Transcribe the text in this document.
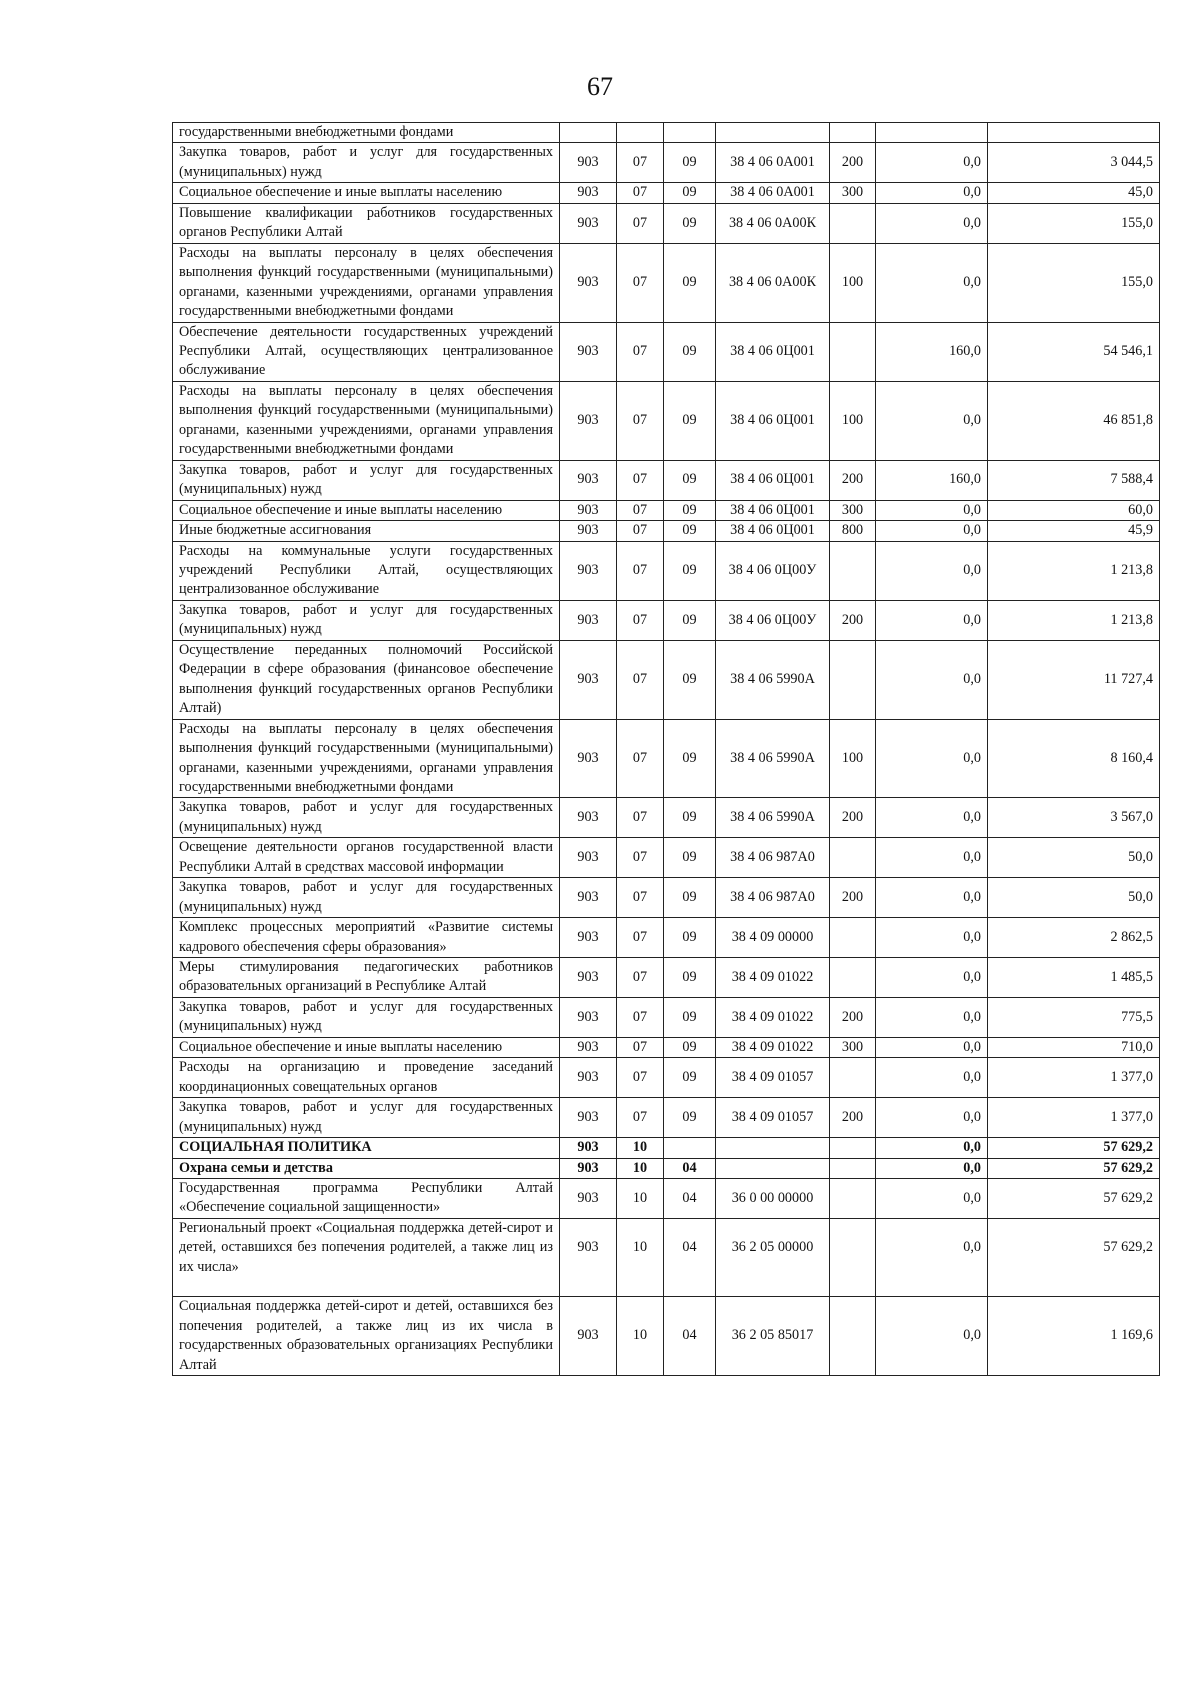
67
государственными внебюджетными фондами							
Закупка товаров, работ и услуг для государственных (муниципальных) нужд	903	07	09	38 4 06 0А001	200	0,0	3 044,5
Социальное обеспечение и иные выплаты населению	903	07	09	38 4 06 0А001	300	0,0	45,0
Повышение квалификации работников государственных органов Республики Алтай	903	07	09	38 4 06 0А00К		0,0	155,0
Расходы на выплаты персоналу в целях обеспечения выполнения функций государственными (муниципальными) органами, казенными учреждениями, органами управления государственными внебюджетными фондами	903	07	09	38 4 06 0А00К	100	0,0	155,0
Обеспечение деятельности государственных учреждений Республики Алтай, осуществляющих централизованное обслуживание	903	07	09	38 4 06 0Ц001		160,0	54 546,1
Расходы на выплаты персоналу в целях обеспечения выполнения функций государственными (муниципальными) органами, казенными учреждениями, органами управления государственными внебюджетными фондами	903	07	09	38 4 06 0Ц001	100	0,0	46 851,8
Закупка товаров, работ и услуг для государственных (муниципальных) нужд	903	07	09	38 4 06 0Ц001	200	160,0	7 588,4
Социальное обеспечение и иные выплаты населению	903	07	09	38 4 06 0Ц001	300	0,0	60,0
Иные бюджетные ассигнования	903	07	09	38 4 06 0Ц001	800	0,0	45,9
Расходы на коммунальные услуги государственных учреждений Республики Алтай, осуществляющих централизованное обслуживание	903	07	09	38 4 06 0Ц00У		0,0	1 213,8
Закупка товаров, работ и услуг для государственных (муниципальных) нужд	903	07	09	38 4 06 0Ц00У	200	0,0	1 213,8
Осуществление переданных полномочий Российской Федерации в сфере образования (финансовое обеспечение выполнения функций государственных органов Республики Алтай)	903	07	09	38 4 06 5990А		0,0	11 727,4
Расходы на выплаты персоналу в целях обеспечения выполнения функций государственными (муниципальными) органами, казенными учреждениями, органами управления государственными внебюджетными фондами	903	07	09	38 4 06 5990А	100	0,0	8 160,4
Закупка товаров, работ и услуг для государственных (муниципальных) нужд	903	07	09	38 4 06 5990А	200	0,0	3 567,0
Освещение деятельности органов государственной власти Республики Алтай в средствах массовой информации	903	07	09	38 4 06 987А0		0,0	50,0
Закупка товаров, работ и услуг для государственных (муниципальных) нужд	903	07	09	38 4 06 987А0	200	0,0	50,0
Комплекс процессных мероприятий «Развитие системы кадрового обеспечения сферы образования»	903	07	09	38 4 09 00000		0,0	2 862,5
Меры стимулирования педагогических работников образовательных организаций в Республике Алтай	903	07	09	38 4 09 01022		0,0	1 485,5
Закупка товаров, работ и услуг для государственных (муниципальных) нужд	903	07	09	38 4 09 01022	200	0,0	775,5
Социальное обеспечение и иные выплаты населению	903	07	09	38 4 09 01022	300	0,0	710,0
Расходы на организацию и проведение заседаний координационных совещательных органов	903	07	09	38 4 09 01057		0,0	1 377,0
Закупка товаров, работ и услуг для государственных (муниципальных) нужд	903	07	09	38 4 09 01057	200	0,0	1 377,0
СОЦИАЛЬНАЯ ПОЛИТИКА	903	10				0,0	57 629,2
Охрана семьи и детства	903	10	04			0,0	57 629,2
Государственная программа Республики Алтай «Обеспечение социальной защищенности»	903	10	04	36 0 00 00000		0,0	57 629,2
Региональный проект «Социальная поддержка детей-сирот и детей, оставшихся без попечения родителей, а также лиц из их числа»	903	10	04	36 2 05 00000		0,0	57 629,2

Социальная поддержка детей-сирот и детей, оставшихся без попечения родителей, а также лиц из их числа в государственных образовательных организациях Республики Алтай	903	10	04	36 2 05 85017		0,0	1 169,6
